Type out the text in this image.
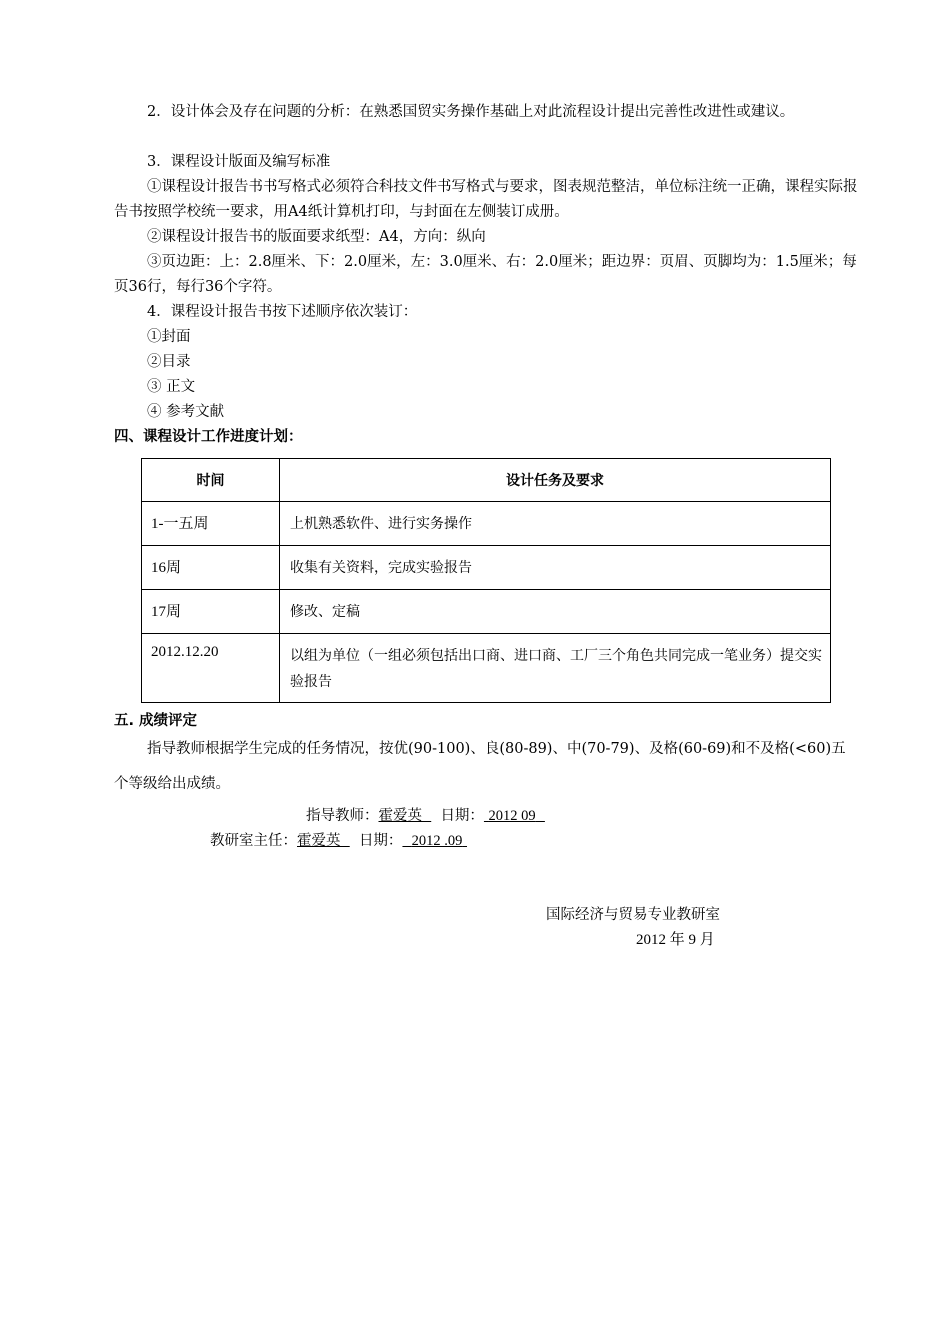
2．设计体会及存在问题的分析：在熟悉国贸实务操作基础上对此流程设计提出完善性改进性或建议。
3．课程设计版面及编写标准
①课程设计报告书书写格式必须符合科技文件书写格式与要求，图表规范整洁，单位标注统一正确，课程实际报告书按照学校统一要求，用A4纸计算机打印，与封面在左侧装订成册。
②课程设计报告书的版面要求纸型：A4，方向：纵向
③页边距：上：2.8厘米、下：2.0厘米，左：3.0厘米、右：2.0厘米；距边界：页眉、页脚均为：1.5厘米；每页36行，每行36个字符。
4．课程设计报告书按下述顺序依次装订：
①封面
②目录
③ 正文
④ 参考文献
四、课程设计工作进度计划：
时间	设计任务及要求
1-一五周	上机熟悉软件、进行实务操作
16周	收集有关资料，完成实验报告
17周	修改、定稿
2012.12.20	以组为单位（一组必须包括出口商、进口商、工厂三个角色共同完成一笔业务）提交实验报告
五. 成绩评定
指导教师根据学生完成的任务情况，按优(90-100)、良(80-89)、中(70-79)、及格(60-69)和不及格(<60)五个等级给出成绩。
指导教师：霍爱英 日期： 2012 09
教研室主任：霍爱英 日期： 2012 .09
国际经济与贸易专业教研室
2012 年 9 月
